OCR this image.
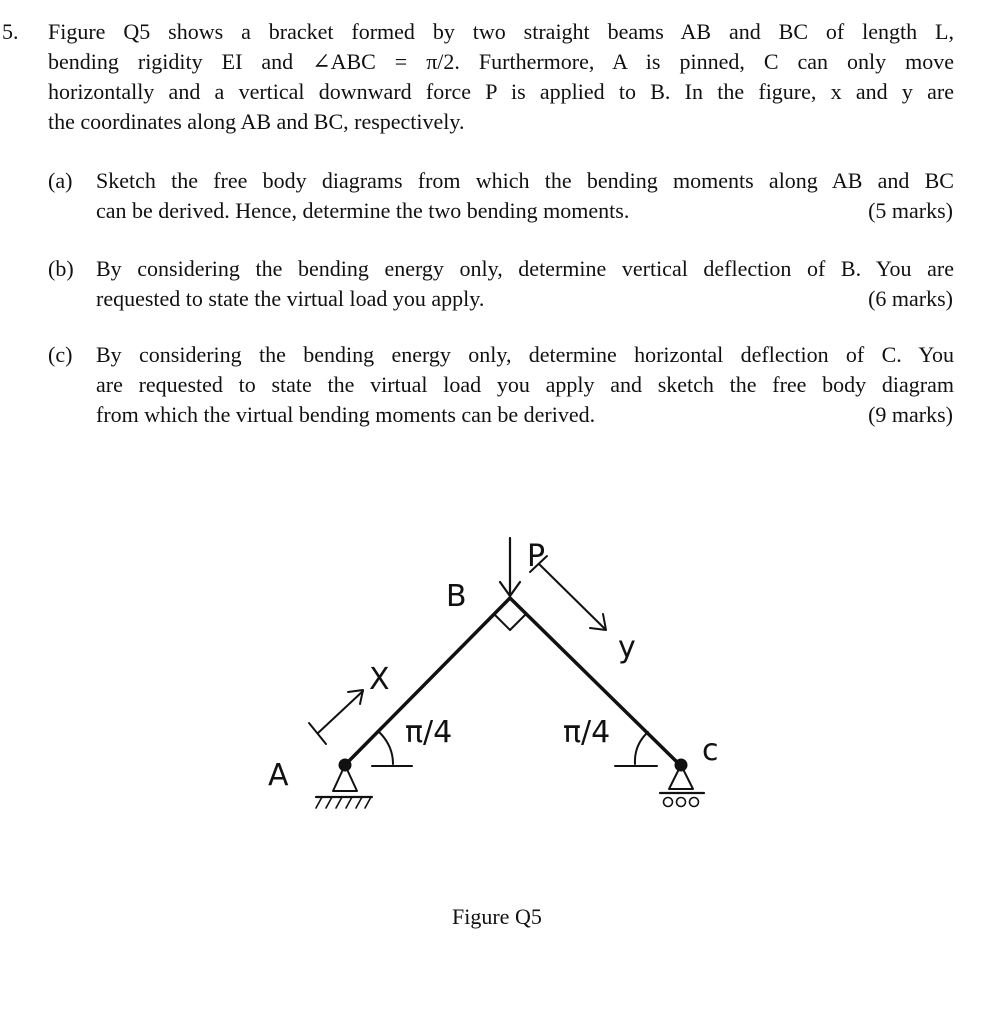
5. Figure Q5 shows a bracket formed by two straight beams AB and BC of length L,
bending rigidity EI and ∠ABC = π/2. Furthermore, A is pinned, C can only move
horizontally and a vertical downward force P is applied to B. In the figure, x and y are
the coordinates along AB and BC, respectively.
(a) Sketch the free body diagrams from which the bending moments along AB and BC
can be derived. Hence, determine the two bending moments.	(5 marks)
(b) By considering the bending energy only, determine vertical deflection of B. You are
requested to state the virtual load you apply.	(6 marks)
(c) By considering the bending energy only, determine horizontal deflection of C. You
are requested to state the virtual load you apply and sketch the free body diagram
from which the virtual bending moments can be derived.	(9 marks)
A
B
c
P
X
y
π/4	π/4
Figure Q5
